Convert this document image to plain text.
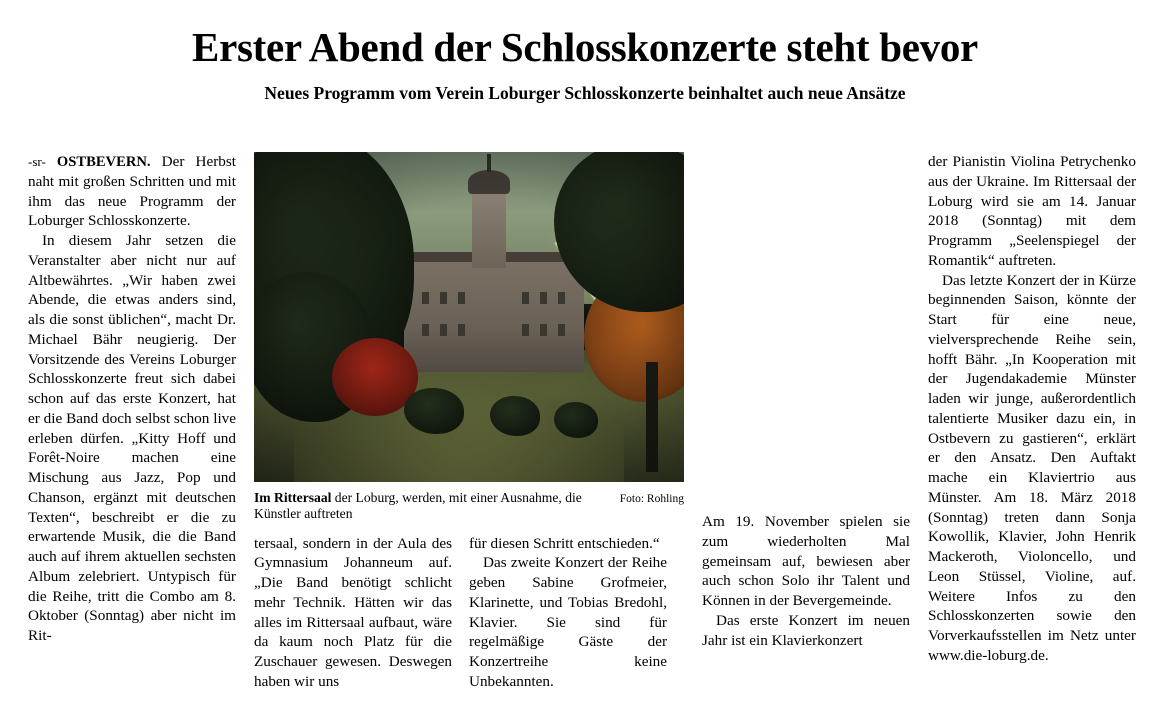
Erster Abend der Schlosskonzerte steht bevor
Neues Programm vom Verein Loburger Schlosskonzerte beinhaltet auch neue Ansätze

-sr- OSTBEVERN. Der Herbst naht mit großen Schritten und mit ihm das neue Programm der Loburger Schlosskonzerte.

In diesem Jahr setzen die Veranstalter aber nicht nur auf Altbewährtes. „Wir haben zwei Abende, die etwas anders sind, als die sonst üblichen“, macht Dr. Michael Bähr neugierig. Der Vorsitzende des Vereins Loburger Schlosskonzerte freut sich dabei schon auf das erste Konzert, hat er die Band doch selbst schon live erleben dürfen. „Kitty Hoff und Forêt-Noire machen eine Mischung aus Jazz, Pop und Chanson, ergänzt mit deutschen Texten“, beschreibt er die zu erwartende Musik, die die Band auch auf ihrem aktuellen sechsten Album zelebriert. Untypisch für die Reihe, tritt die Combo am 8. Oktober (Sonntag) aber nicht im Rit-

Im Rittersaal der Loburg, werden, mit einer Ausnahme, die Künstler auftreten
Foto: Rohling

tersaal, sondern in der Aula des Gymnasium Johanneum auf. „Die Band benötigt schlicht mehr Technik. Hätten wir das alles im Rittersaal aufbaut, wäre da kaum noch Platz für die Zuschauer gewesen. Deswegen haben wir uns

für diesen Schritt entschieden.“

Das zweite Konzert der Reihe geben Sabine Grofmeier, Klarinette, und Tobias Bredohl, Klavier. Sie sind für regelmäßige Gäste der Konzertreihe keine Unbekannten.

Am 19. November spielen sie zum wiederholten Mal gemeinsam auf, bewiesen aber auch schon Solo ihr Talent und Können in der Bevergemeinde.

Das erste Konzert im neuen Jahr ist ein Klavierkonzert

der Pianistin Violina Petrychenko aus der Ukraine. Im Rittersaal der Loburg wird sie am 14. Januar 2018 (Sonntag) mit dem Programm „Seelenspiegel der Romantik“ auftreten.

Das letzte Konzert der in Kürze beginnenden Saison, könnte der Start für eine neue, vielversprechende Reihe sein, hofft Bähr. „In Kooperation mit der Jugendakademie Münster laden wir junge, außerordentlich talentierte Musiker dazu ein, in Ostbevern zu gastieren“, erklärt er den Ansatz. Den Auftakt mache ein Klaviertrio aus Münster. Am 18. März 2018 (Sonntag) treten dann Sonja Kowollik, Klavier, John Henrik Mackeroth, Violoncello, und Leon Stüssel, Violine, auf. Weitere Infos zu den Schlosskonzerten sowie den Vorverkaufsstellen im Netz unter www.die-loburg.de.
